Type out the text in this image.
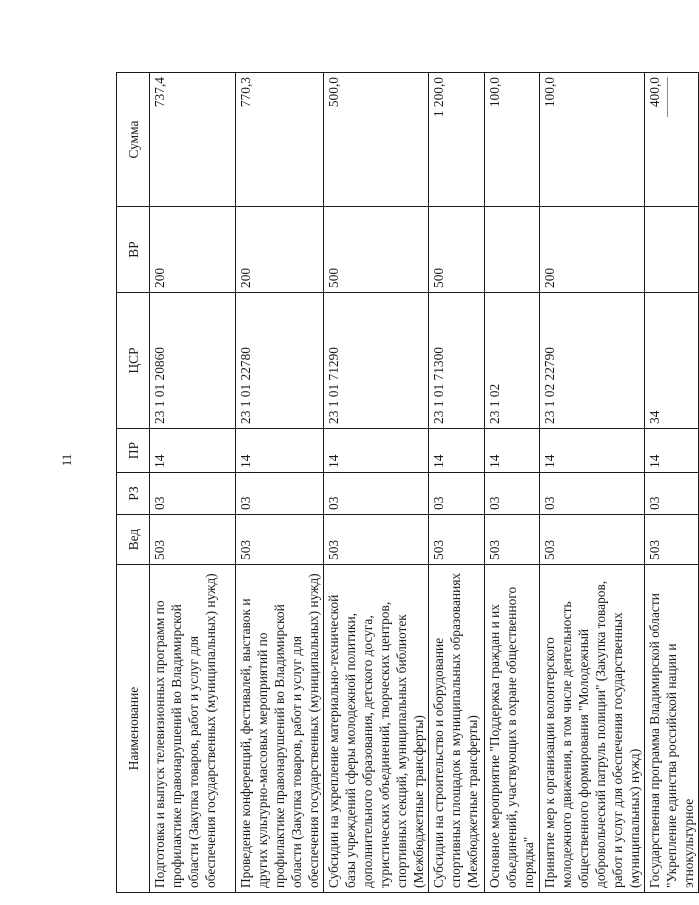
11
Наименование	Вед	РЗ	ПР	ЦСР	ВР	Сумма
Подготовка и выпуск телевизионных программ по профилактике правонарушений во Владимирской области (Закупка товаров, работ и услуг для обеспечения государственных (муниципальных) нужд)	503	03	14	23 1 01 20860	200	737,4
Проведение конференций, фестивалей, выставок и других культурно-массовых мероприятий по профилактике правонарушений во Владимирской области (Закупка товаров, работ и услуг для обеспечения государственных (муниципальных) нужд)	503	03	14	23 1 01 22780	200	770,3
Субсидии на укрепление материально-технической базы учреждений сферы молодежной политики, дополнительного образования, детского досуга, туристических объединений, творческих центров, спортивных секций, муниципальных библиотек (Межбюджетные трансферты)	503	03	14	23 1 01 71290	500	500,0
Субсидии на строительство и оборудование спортивных площадок в муниципальных образованиях (Межбюджетные трансферты)	503	03	14	23 1 01 71300	500	1 200,0
Основное мероприятие "Поддержка граждан и их объединений, участвующих в охране общественного порядка"	503	03	14	23 1 02		100,0
Принятие мер к организации волонтерского молодежного движения, в том числе деятельность общественного формирования "Молодежный добровольческий патруль полиции" (Закупка товаров, работ и услуг для обеспечения государственных (муниципальных) нужд)	503	03	14	23 1 02 22790	200	100,0
Государственная программа Владимирской области "Укрепление единства российской нации и этнокультурное	503	03	14	34		400,0
